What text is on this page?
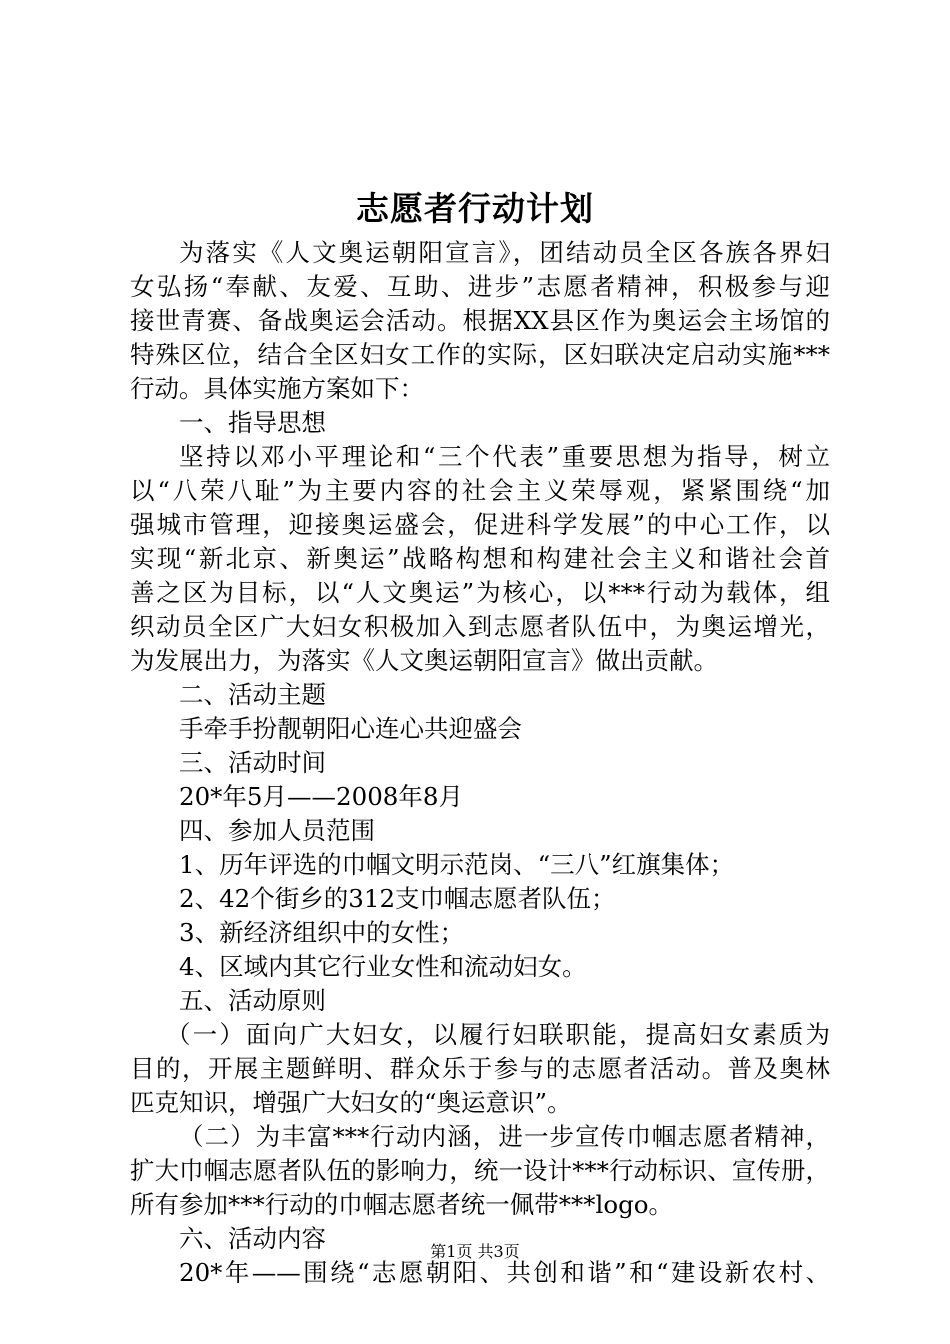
志愿者行动计划
为落实《人文奥运朝阳宣言》，团结动员全区各族各界妇
女弘扬“奉献、友爱、互助、进步”志愿者精神，积极参与迎
接世青赛、备战奥运会活动。根据XX县区作为奥运会主场馆的
特殊区位，结合全区妇女工作的实际，区妇联决定启动实施***
行动。具体实施方案如下：
一、指导思想
坚持以邓小平理论和“三个代表”重要思想为指导，树立
以“八荣八耻”为主要内容的社会主义荣辱观，紧紧围绕“加
强城市管理，迎接奥运盛会，促进科学发展”的中心工作，以
实现“新北京、新奥运”战略构想和构建社会主义和谐社会首
善之区为目标，以“人文奥运”为核心，以***行动为载体，组
织动员全区广大妇女积极加入到志愿者队伍中，为奥运增光，
为发展出力，为落实《人文奥运朝阳宣言》做出贡献。
二、活动主题
手牵手扮靓朝阳心连心共迎盛会
三、活动时间
20*年5月——2008年8月
四、参加人员范围
1、历年评选的巾帼文明示范岗、“三八”红旗集体；
2、42个街乡的312支巾帼志愿者队伍；
3、新经济组织中的女性；
4、区域内其它行业女性和流动妇女。
五、活动原则
（一）面向广大妇女，以履行妇联职能，提高妇女素质为
目的，开展主题鲜明、群众乐于参与的志愿者活动。普及奥林
匹克知识，增强广大妇女的“奥运意识”。
（二）为丰富***行动内涵，进一步宣传巾帼志愿者精神，
扩大巾帼志愿者队伍的影响力，统一设计***行动标识、宣传册，
所有参加***行动的巾帼志愿者统一佩带***logo。
六、活动内容
20*年——围绕“志愿朝阳、共创和谐”和“建设新农村、
第1页 共3页
